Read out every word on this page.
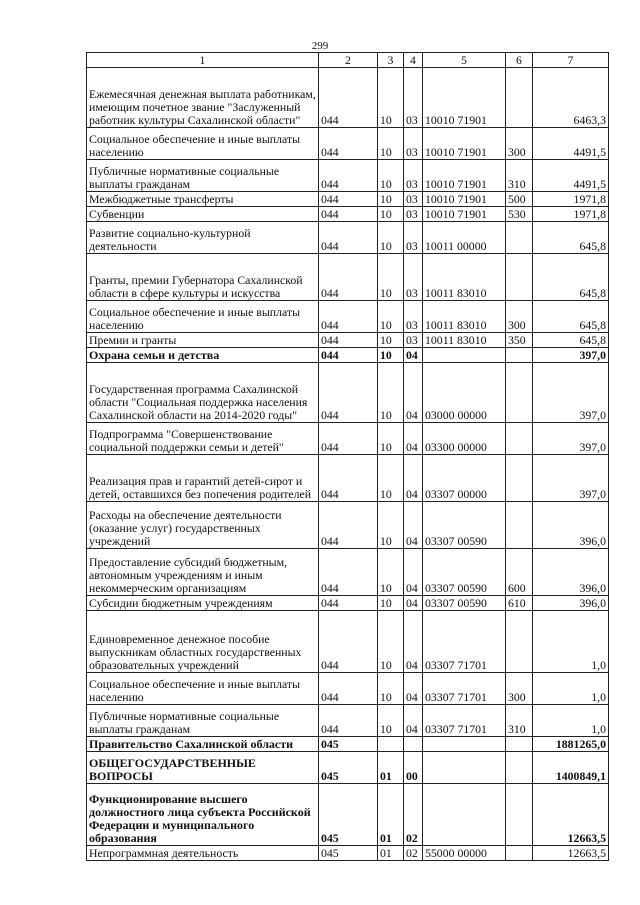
299
1	2	3	4	5	6	7
Ежемесячная денежная выплата работникам, имеющим почетное звание "Заслуженный работник культуры Сахалинской области"	044	10	03	10010 71901		6463,3
Социальное обеспечение и иные выплаты населению	044	10	03	10010 71901	300	4491,5
Публичные нормативные социальные выплаты гражданам	044	10	03	10010 71901	310	4491,5
Межбюджетные трансферты	044	10	03	10010 71901	500	1971,8
Субвенции	044	10	03	10010 71901	530	1971,8
Развитие социально-культурной деятельности	044	10	03	10011 00000		645,8
Гранты, премии Губернатора Сахалинской области в сфере культуры и искусства	044	10	03	10011 83010		645,8
Социальное обеспечение и иные выплаты населению	044	10	03	10011 83010	300	645,8
Премии и гранты	044	10	03	10011 83010	350	645,8
Охрана семьи и детства	044	10	04			397,0
Государственная программа Сахалинской области "Социальная поддержка населения Сахалинской области на 2014-2020 годы"	044	10	04	03000 00000		397,0
Подпрограмма "Совершенствование социальной поддержки семьи и детей"	044	10	04	03300 00000		397,0
Реализация прав и гарантий детей-сирот и детей, оставшихся без попечения родителей	044	10	04	03307 00000		397,0
Расходы на обеспечение деятельности (оказание услуг) государственных учреждений	044	10	04	03307 00590		396,0
Предоставление субсидий бюджетным, автономным учреждениям и иным некоммерческим организациям	044	10	04	03307 00590	600	396,0
Субсидии бюджетным учреждениям	044	10	04	03307 00590	610	396,0
Единовременное денежное пособие выпускникам областных государственных образовательных учреждений	044	10	04	03307 71701		1,0
Социальное обеспечение и иные выплаты населению	044	10	04	03307 71701	300	1,0
Публичные нормативные социальные выплаты гражданам	044	10	04	03307 71701	310	1,0
Правительство Сахалинской области	045					1881265,0
ОБЩЕГОСУДАРСТВЕННЫЕ ВОПРОСЫ	045	01	00			1400849,1
Функционирование высшего должностного лица субъекта Российской Федерации и муниципального образования	045	01	02			12663,5
Непрограммная деятельность	045	01	02	55000 00000		12663,5
